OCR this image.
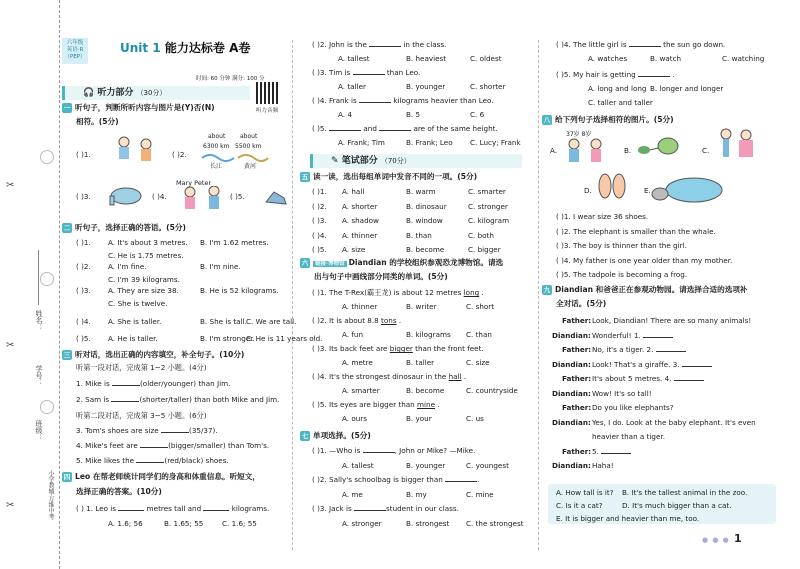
姓名：
学号：
班级：
小学教辅·万维中考
✂
✂
✂
六年级
英语·R
（PEP）
Unit 1 能力达标卷 A卷
时间: 60 分钟 满分: 100 分
听力音频
🎧 听力部分 （30分）
一 听句子，判断所听内容与图片是(Y)否(N)
相符。(5分)
( )1.	( )2.
about
6300 km
about
5500 km
长江	黄河
( )3.	( )4.
Mary Peter
( )5.
二 听句子，选择正确的答语。(5分)
( )1. A. It's about 3 metres. B. I'm 1.62 metres.
C. He is 1.75 metres.
( )2. A. I'm fine.	B. I'm nine.
C. I'm 39 kilograms.
( )3. A. They are size 38.	B. He is 52 kilograms.
C. She is twelve.
( )4. A. She is taller.	B. She is tall. C. We are tall.
( )5. A. He is taller.	B. I'm stronger.
C. He is 11 years old.
三 听对话，选出正确的内容填空，补全句子。(10分)
听第一段对话，完成第 1~2 小题。(4分)
1. Mike is	(older/younger) than Jim.
2. Sam is	(shorter/taller) than both Mike and Jim.
听第二段对话，完成第 3~5 小题。(6分)
3. Tom's shoes are size	(35/37).
4. Mike's feet are	(bigger/smaller) than Tom's.
5. Mike likes the	(red/black) shoes.
四 Leo 在帮老师统计同学们的身高和体重信息。听短文，
选择正确的答案。(10分)
( ) 1. Leo is	metres tall and	kilograms.
A. 1.6; 56	B. 1.65; 55	C. 1.6; 55
( )2. John is the	in the class.
A. tallest	B. heaviest	C. oldest
( )3. Tim is	than Leo.
A. taller	B. younger	C. shorter
( )4. Frank is	kilograms heavier than Leo.
A. 4	B. 5	C. 6
( )5.	and	are of the same height.
A. Frank; Tim	B. Frank; Leo C. Lucy; Frank
✎ 笔试部分 （70分）
五 读一读，选出每组单词中发音不同的一项。(5分)
( )1. A. hall	B. warm	C. smarter
( )2. A. shorter	B. dinosaur	C. stronger
( )3. A. shadow	B. window	C. kilogram
( )4. A. thinner	B. than	C. both
( )5. A. size	B. become	C. bigger
六 链接·博物馆 Diandian 的学校组织参观恐龙博物馆。请选
出与句子中画线部分同类的单词。(5分)
( )1. The T-Rex(霸王龙) is about 12 metres long .
A. thinner	B. writer	C. short
( )2. It is about 8.8 tons .
A. fun	B. kilograms C. than
( )3. Its back feet are bigger than the front feet.
A. metre	B. taller	C. size
( )4. It's the strongest dinosaur in the hall .
A. smarter	B. become	C. countryside
( )5. Its eyes are bigger than mine .
A. ours	B. your	C. us
七 单项选择。(5分)
( )1. —Who is	, John or Mike? —Mike.
A. tallest	B. younger	C. youngest
( )2. Sally's schoolbag is bigger than	.
A. me	B. my	C. mine
( )3. Jack is	student in our class.
A. stronger	B. strongest C. the strongest
( )4. The little girl is	the sun go down.
A. watches	B. watch	C. watching
( )5. My hair is getting	.
A. long and long B. longer and longer
C. taller and taller
八 给下列句子选择相符的图片。(5分)
A.
37岁 8岁
B.	C.
D.	E.
( )1. I wear size 36 shoes.
( )2. The elephant is smaller than the whale.
( )3. The boy is thinner than the girl.
( )4. My father is one year older than my mother.
( )5. The tadpole is becoming a frog.
九 Diandian 和爸爸正在参观动物园。请选择合适的选项补
全对话。(5分)
Father: Look, Diandian! There are so many animals!
Diandian: Wonderful! 1.
Father: No, it's a tiger. 2.
Diandian: Look! That's a giraffe. 3.
Father: It's about 5 metres. 4.
Diandian: Wow! It's so tall!
Father: Do you like elephants?
Diandian: Yes, I do. Look at the baby elephant. It's even
heavier than a tiger.
Father: 5.
Diandian: Haha!
A. How tall is it? B. It's the tallest animal in the zoo.
C. Is it a cat?	D. It's much bigger than a cat.
E. It is bigger and heavier than me, too.
● ● ● 1
